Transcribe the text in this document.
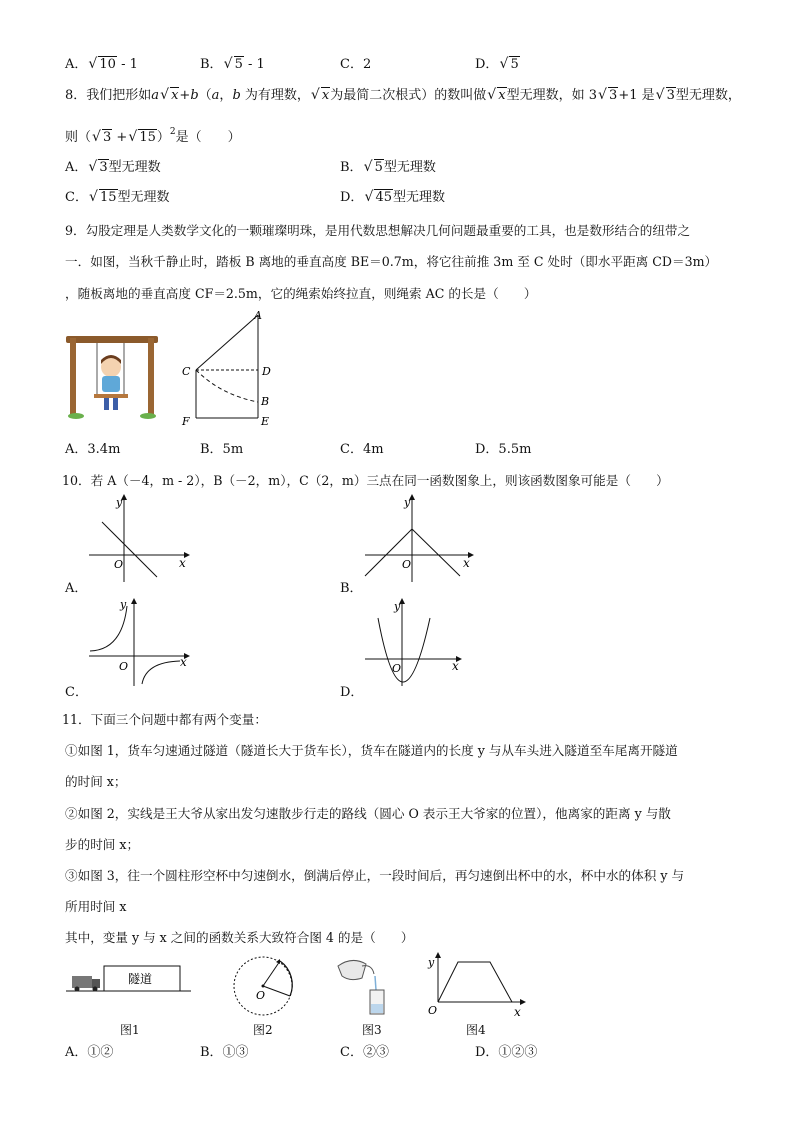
A． √ 10 - 1	B． √ 5 - 1	C．2	D． √ 5
8．我们把形如a √ x+b（a，b 为有理数， √ x为最简二次根式）的数叫做 √ x型无理数，如 3 √ 3+1 是 √ 3型无理数，
则（ √ 3 + √ 15）$^2$是（　　）
A． √ 3型无理数	B． √ 5型无理数
C． √ 15型无理数	D． √ 45型无理数
9．勾股定理是人类数学文化的一颗璀璨明珠，是用代数思想解决几何问题最重要的工具，也是数形结合的纽带之
一．如图，当秋千静止时，踏板 B 离地的垂直高度 BE＝0.7m，将它往前推 3m 至 C 处时（即水平距离 CD＝3m）
，随板离地的垂直高度 CF＝2.5m，它的绳索始终拉直，则绳索 AC 的长是（　　）
A
C	D
B
F	E
A．3.4m	B．5m	C．4m	D．5.5m
10．若 A（－4，m - 2），B（－2，m），C（2，m）三点在同一函数图象上，则该函数图象可能是（　　）
y
x
O
A．
y
x
O
B．
y
x
O
C．
y
x
O
D．
11．下面三个问题中都有两个变量：
①如图 1，货车匀速通过隧道（隧道长大于货车长），货车在隧道内的长度 y 与从车头进入隧道至车尾离开隧道
的时间 x；
②如图 2，实线是王大爷从家出发匀速散步行走的路线（圆心 O 表示王大爷家的位置），他离家的距离 y 与散
步的时间 x；
③如图 3，往一个圆柱形空杯中匀速倒水，倒满后停止，一段时间后，再匀速倒出杯中的水，杯中水的体积 y 与
所用时间 x
其中，变量 y 与 x 之间的函数关系大致符合图 4 的是（　　）
隧道
图1
O
图2	图3
y
x
O
图4
A．①②	B．①③	C．②③	D．①②③
